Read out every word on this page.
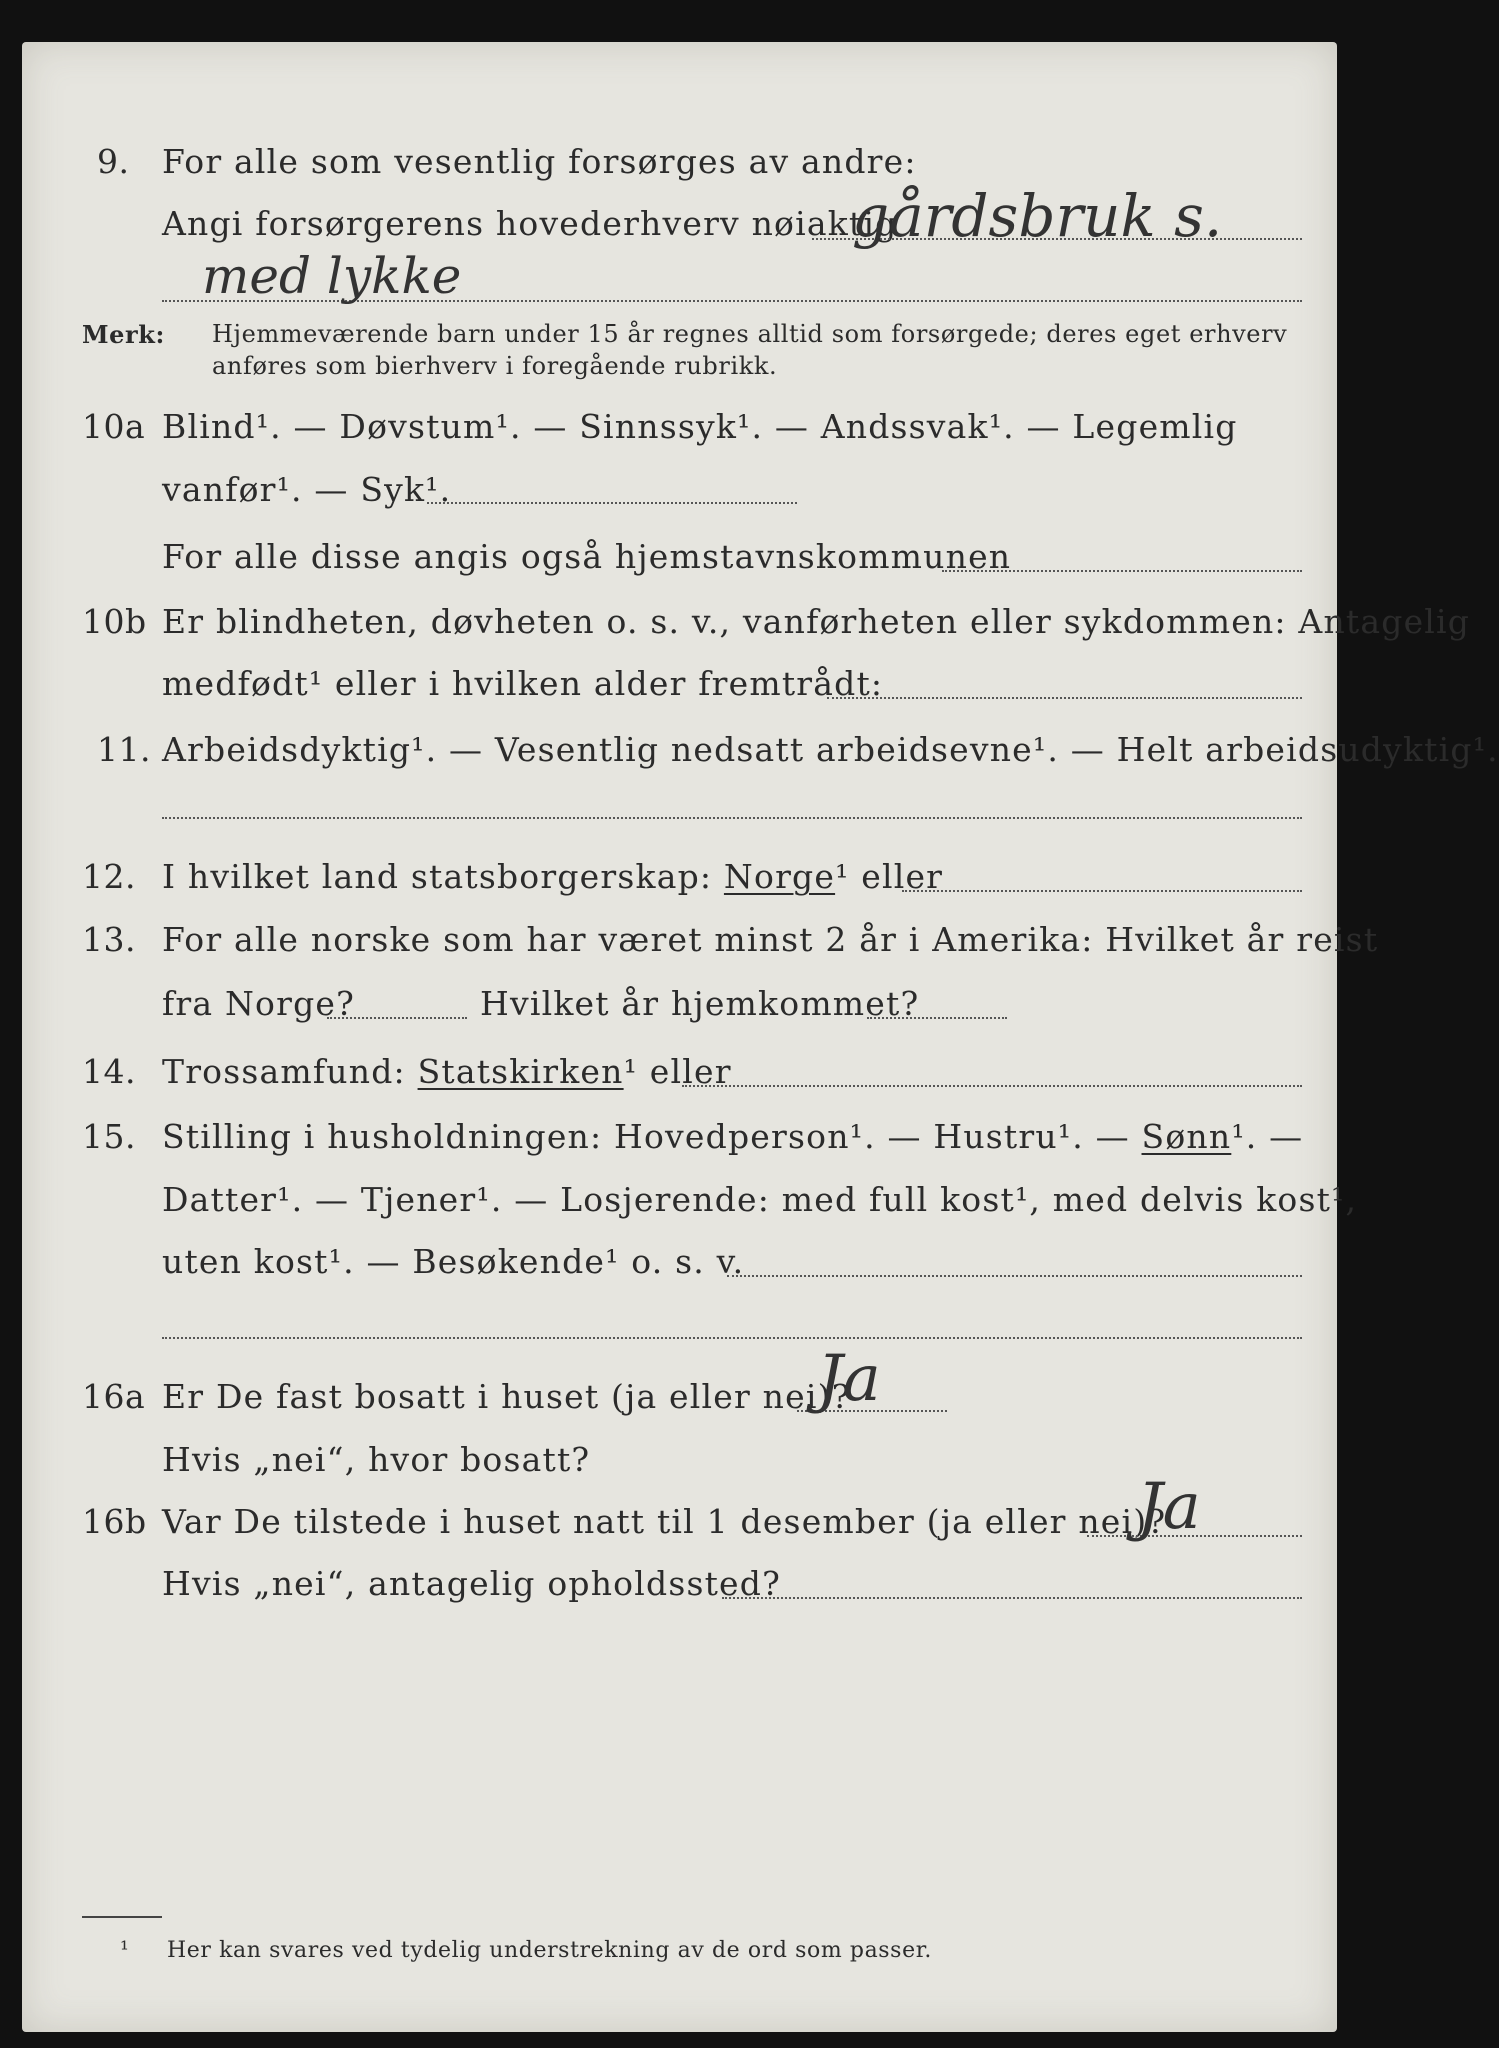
9. For alle som vesentlig forsørges av andre:
Angi forsørgerens hovederhverv nøiaktig
gårdsbruk s.
med lykke
Merk: Hjemmeværende barn under 15 år regnes alltid som forsørgede; deres eget erhverv
anføres som bierhverv i foregående rubrikk.
10a Blind¹. — Døvstum¹. — Sinnssyk¹. — Andssvak¹. — Legemlig
vanfør¹. — Syk¹.
For alle disse angis også hjemstavnskommunen
10b Er blindheten, døvheten o. s. v., vanførheten eller sykdommen: Antagelig
medfødt¹ eller i hvilken alder fremtrådt:
11. Arbeidsdyktig¹. — Vesentlig nedsatt arbeidsevne¹. — Helt arbeidsudyktig¹.
12. I hvilket land statsborgerskap: Norge¹ eller
13. For alle norske som har været minst 2 år i Amerika: Hvilket år reist
fra Norge?	Hvilket år hjemkommet?
14. Trossamfund: Statskirken¹ eller
15. Stilling i husholdningen: Hovedperson¹. — Hustru¹. — Sønn¹. —
Datter¹. — Tjener¹. — Losjerende: med full kost¹, med delvis kost¹,
uten kost¹. — Besøkende¹ o. s. v.
16a Er De fast bosatt i huset (ja eller nei)?
Ja
Hvis „nei“, hvor bosatt?
16b Var De tilstede i huset natt til 1 desember (ja eller nei)?
Ja
Hvis „nei“, antagelig opholdssted?
¹ Her kan svares ved tydelig understrekning av de ord som passer.
